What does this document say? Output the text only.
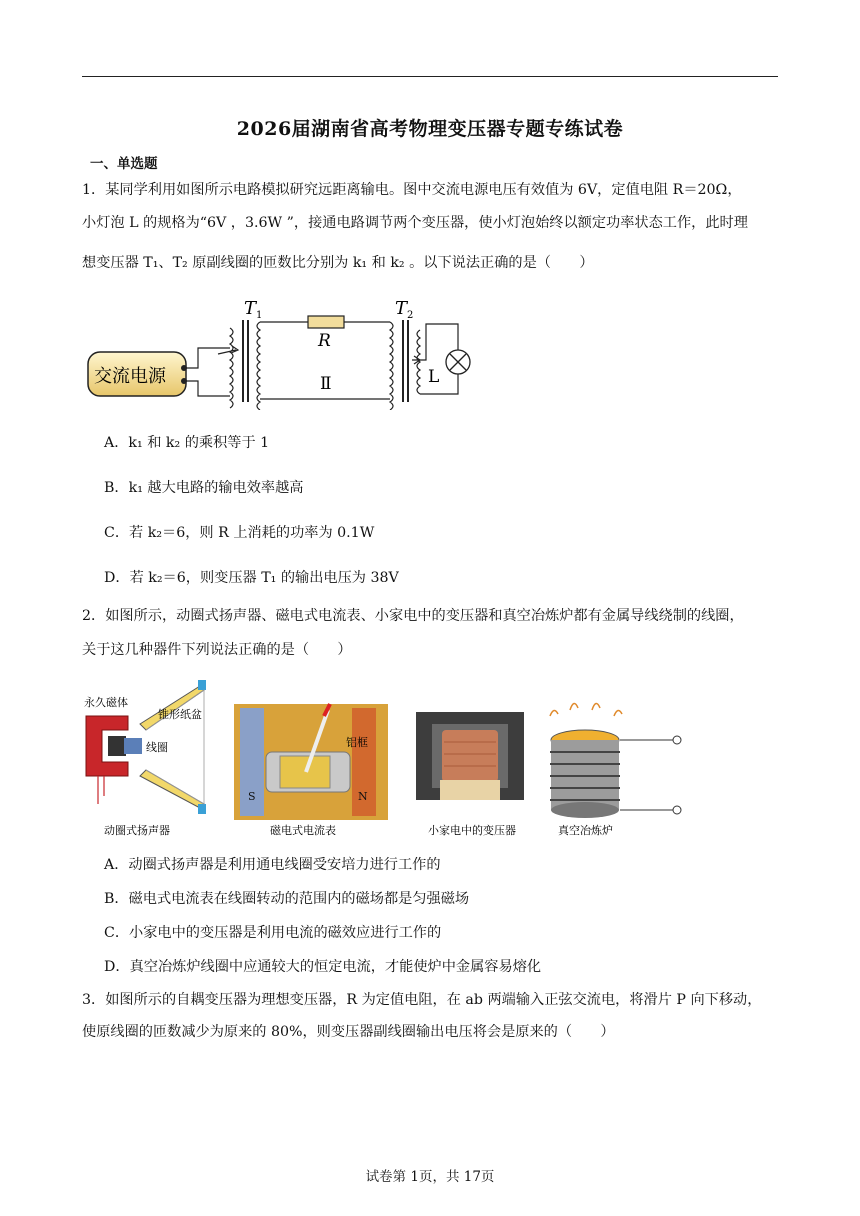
2026届湖南省高考物理变压器专题专练试卷
一、单选题
1．某同学利用如图所示电路模拟研究远距离输电。图中交流电源电压有效值为 6V，定值电阻 R＝20Ω，
小灯泡 L 的规格为“6V ，3.6W ”，接通电路调节两个变压器，使小灯泡始终以额定功率状态工作，此时理
想变压器 T₁、T₂ 原副线圈的匝数比分别为 k₁ 和 k₂ 。以下说法正确的是（　　）
交流电源
$T_1$
R
Ⅱ
$T_2$
L
A．k₁ 和 k₂ 的乘积等于 1
B．k₁ 越大电路的输电效率越高
C．若 k₂＝6，则 R 上消耗的功率为 0.1W
D．若 k₂＝6，则变压器 T₁ 的输出电压为 38V
2．如图所示，动圈式扬声器、磁电式电流表、小家电中的变压器和真空冶炼炉都有金属导线绕制的线圈，
关于这几种器件下列说法正确的是（　　）
永久磁体
锥形纸盆
线圈
动圈式扬声器
铝框
S	N
磁电式电流表	小家电中的变压器	真空冶炼炉
A．动圈式扬声器是利用通电线圈受安培力进行工作的
B．磁电式电流表在线圈转动的范围内的磁场都是匀强磁场
C．小家电中的变压器是利用电流的磁效应进行工作的
D．真空冶炼炉线圈中应通较大的恒定电流，才能使炉中金属容易熔化
3．如图所示的自耦变压器为理想变压器，R 为定值电阻，在 ab 两端输入正弦交流电，将滑片 P 向下移动，
使原线圈的匝数减少为原来的 80%，则变压器副线圈输出电压将会是原来的（　　）
试卷第 1页，共 17页
